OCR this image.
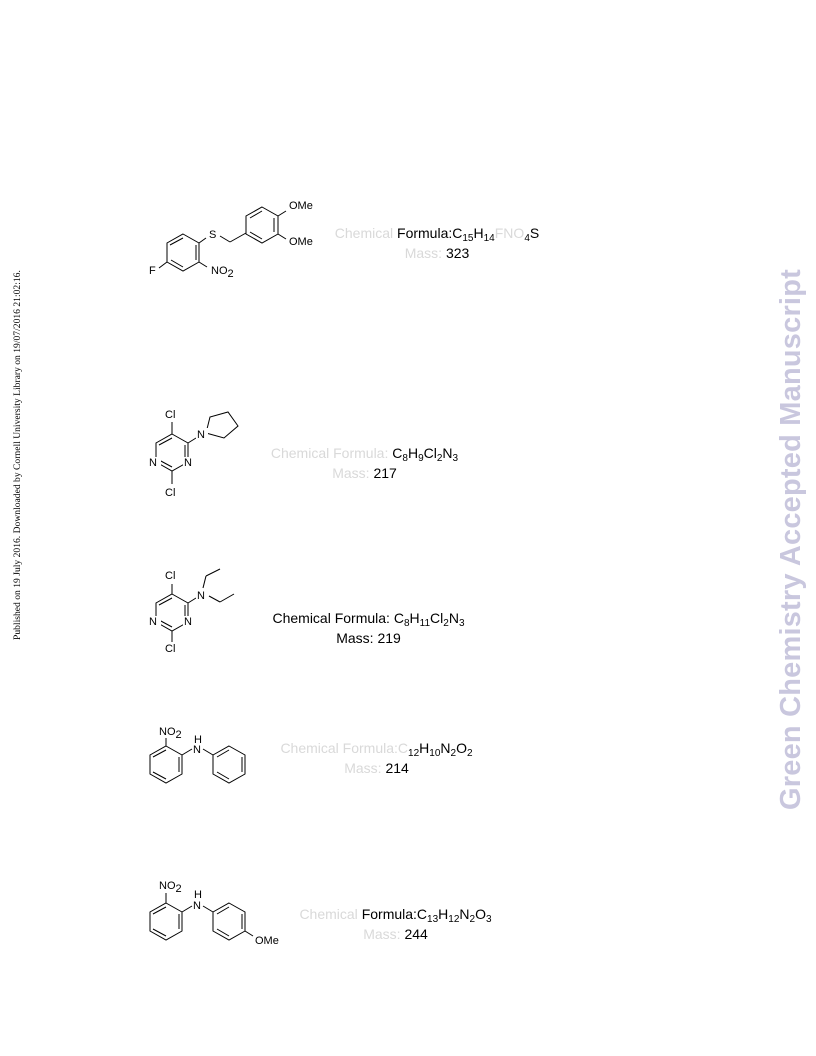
Published on 19 July 2016. Downloaded by Cornell University Library on 19/07/2016 21:02:16.	Green Chemistry Accepted Manuscript
S
OMe
OMe
F	NO2
Chemical $Formula:C_{15}H_{14}FNO_4S$
Mass: 323
Cl
N N
N
Cl
Chemical Formula: $C_8H_9Cl_2N_3$
Mass: 217
Cl
N N
N
Cl
Chemical Formula: $C_8H_{11}Cl_2N_3$
Mass: 219
NO2 H
N	Chemical $Formula:C_{12}H_{10}N_2O_2$
Mass: 214
NO2 H
N
OMe
Chemical $Formula:C_{13}H_{12}N_2O_3$
Mass: 244
